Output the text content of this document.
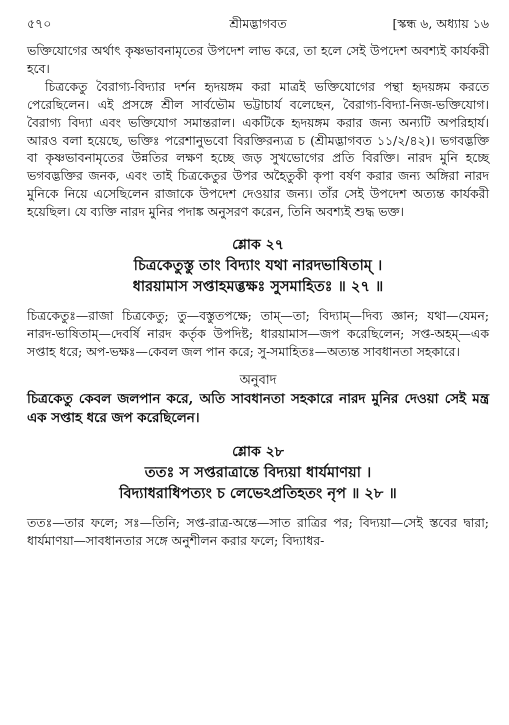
৫৭০	শ্রীমদ্ভাগবত	[স্কন্ধ ৬, অধ্যায় ১৬

ভক্তিযোগের অর্থাৎ কৃষ্ণভাবনামৃতের উপদেশ লাভ করে, তা হলে সেই উপদেশ অবশ্যই কার্যকরী হবে।

চিত্রকেতু বৈরাগ্য-বিদ্যার দর্শন হৃদয়ঙ্গম করা মাত্রই ভক্তিযোগের পন্থা হৃদয়ঙ্গম করতে পেরেছিলেন। এই প্রসঙ্গে শ্রীল সার্বভৌম ভট্টাচার্য বলেছেন, বৈরাগ্য-বিদ্যা-নিজ-ভক্তিযোগ। বৈরাগ্য বিদ্যা এবং ভক্তিযোগ সমান্তরাল। একটিকে হৃদয়ঙ্গম করার জন্য অন্যটি অপরিহার্য। আরও বলা হয়েছে, ভক্তিঃ পরেশানুভবো বিরক্তিরন্যত্র চ (শ্রীমদ্ভাগবত ১১/২/৪২)। ভগবদ্ভক্তি বা কৃষ্ণভাবনামৃতের উন্নতির লক্ষণ হচ্ছে জড় সুখভোগের প্রতি বিরক্তি। নারদ মুনি হচ্ছে ভগবদ্ভক্তির জনক, এবং তাই চিত্রকেতুর উপর অহৈতুকী কৃপা বর্ষণ করার জন্য অঙ্গিরা নারদ মুনিকে নিয়ে এসেছিলেন রাজাকে উপদেশ দেওয়ার জন্য। তাঁর সেই উপদেশ অত্যন্ত কার্যকরী হয়েছিল। যে ব্যক্তি নারদ মুনির পদাঙ্ক অনুসরণ করেন, তিনি অবশ্যই শুদ্ধ ভক্ত।

শ্লোক ২৭

চিত্রকেতুস্তু তাং বিদ্যাং যথা নারদভাষিতাম্ ।

ধারয়ামাস সপ্তাহমব্ভক্ষঃ সুসমাহিতঃ ॥ ২৭ ॥

চিত্রকেতুঃ—রাজা চিত্রকেতু; তু—বস্তুতপক্ষে; তাম্—তা; বিদ্যাম্—দিব্য জ্ঞান; যথা—যেমন; নারদ-ভাষিতাম্—দেবর্ষি নারদ কর্তৃক উপদিষ্ট; ধারয়ামাস—জপ করেছিলেন; সপ্ত-অহম্—এক সপ্তাহ ধরে; অপ-ভক্ষঃ—কেবল জল পান করে; সু-সমাহিতঃ—অত্যন্ত সাবধানতা সহকারে।

অনুবাদ

চিত্রকেতু কেবল জলপান করে, অতি সাবধানতা সহকারে নারদ মুনির দেওয়া সেই মন্ত্র এক সপ্তাহ ধরে জপ করেছিলেন।

শ্লোক ২৮

ততঃ স সপ্তরাত্রান্তে বিদ্যয়া ধার্যমাণয়া ।

বিদ্যাধরাধিপত্যং চ লেভেঽপ্রতিহতং নৃপ ॥ ২৮ ॥

ততঃ—তার ফলে; সঃ—তিনি; সপ্ত-রাত্র-অন্তে—সাত রাত্রির পর; বিদ্যয়া—সেই স্তবের দ্বারা; ধার্যমাণয়া—সাবধানতার সঙ্গে অনুশীলন করার ফলে; বিদ্যাধর-
